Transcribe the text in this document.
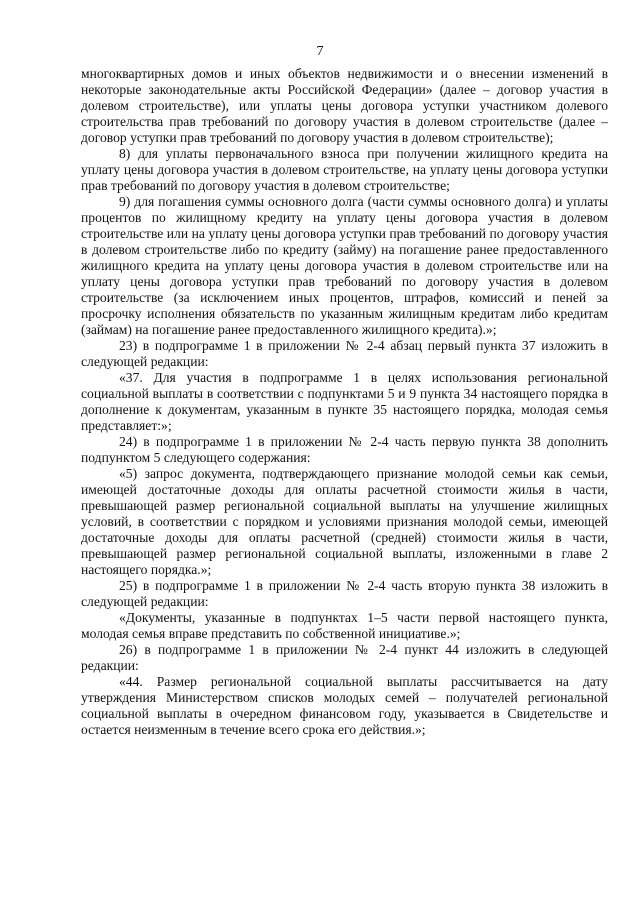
7

многоквартирных домов и иных объектов недвижимости и о внесении изменений в некоторые законодательные акты Российской Федерации» (далее – договор участия в долевом строительстве), или уплаты цены договора уступки участником долевого строительства прав требований по договору участия в долевом строительстве (далее – договор уступки прав требований по договору участия в долевом строительстве);

8) для уплаты первоначального взноса при получении жилищного кредита на уплату цены договора участия в долевом строительстве, на уплату цены договора уступки прав требований по договору участия в долевом строительстве;

9) для погашения суммы основного долга (части суммы основного долга) и уплаты процентов по жилищному кредиту на уплату цены договора участия в долевом строительстве или на уплату цены договора уступки прав требований по договору участия в долевом строительстве либо по кредиту (займу) на погашение ранее предоставленного жилищного кредита на уплату цены договора участия в долевом строительстве или на уплату цены договора уступки прав требований по договору участия в долевом строительстве (за исключением иных процентов, штрафов, комиссий и пеней за просрочку исполнения обязательств по указанным жилищным кредитам либо кредитам (займам) на погашение ранее предоставленного жилищного кредита).»;

23) в подпрограмме 1 в приложении № 2-4 абзац первый пункта 37 изложить в следующей редакции:

«37. Для участия в подпрограмме 1 в целях использования региональной социальной выплаты в соответствии с подпунктами 5 и 9 пункта 34 настоящего порядка в дополнение к документам, указанным в пункте 35 настоящего порядка, молодая семья представляет:»;

24) в подпрограмме 1 в приложении № 2-4 часть первую пункта 38 дополнить подпунктом 5 следующего содержания:

«5) запрос документа, подтверждающего признание молодой семьи как семьи, имеющей достаточные доходы для оплаты расчетной стоимости жилья в части, превышающей размер региональной социальной выплаты на улучшение жилищных условий, в соответствии с порядком и условиями признания молодой семьи, имеющей достаточные доходы для оплаты расчетной (средней) стоимости жилья в части, превышающей размер региональной социальной выплаты, изложенными в главе 2 настоящего порядка.»;

25) в подпрограмме 1 в приложении № 2-4 часть вторую пункта 38 изложить в следующей редакции:

«Документы, указанные в подпунктах 1–5 части первой настоящего пункта, молодая семья вправе представить по собственной инициативе.»;

26) в подпрограмме 1 в приложении № 2-4 пункт 44 изложить в следующей редакции:

«44. Размер региональной социальной выплаты рассчитывается на дату утверждения Министерством списков молодых семей – получателей региональной социальной выплаты в очередном финансовом году, указывается в Свидетельстве и остается неизменным в течение всего срока его действия.»;
